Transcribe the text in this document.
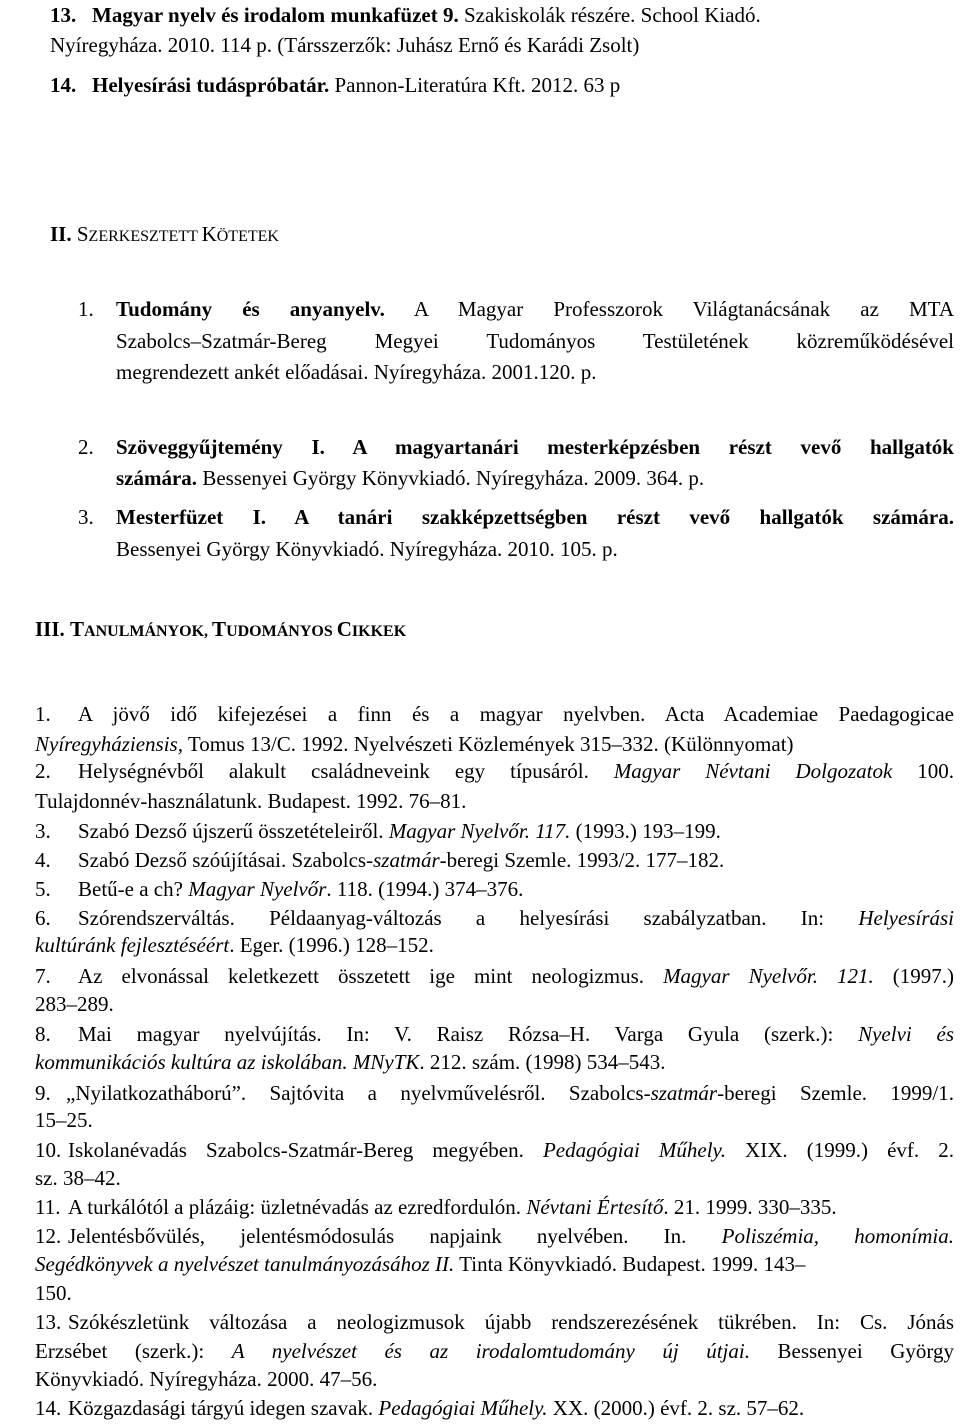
13. Magyar nyelv és irodalom munkafüzet 9. Szakiskolák részére. School Kiadó.
Nyíregyháza. 2010. 114 p. (Társszerzők: Juhász Ernő és Karádi Zsolt)
14. Helyesírási tudáspróbatár. Pannon-Literatúra Kft. 2012. 63 p
II. SZERKESZTETT KÖTETEK
1. Tudomány és anyanyelv. A Magyar Professzorok Világtanácsának az MTA
Szabolcs–Szatmár-Bereg Megyei Tudományos Testületének közreműködésével
megrendezett ankét előadásai. Nyíregyháza. 2001.120. p.
2. Szöveggyűjtemény I. A magyartanári mesterképzésben részt vevő hallgatók
számára. Bessenyei György Könyvkiadó. Nyíregyháza. 2009. 364. p.
3. Mesterfüzet I. A tanári szakképzettségben részt vevő hallgatók számára.
Bessenyei György Könyvkiadó. Nyíregyháza. 2010. 105. p.
III. TANULMÁNYOK, TUDOMÁNYOS CIKKEK
1. A jövő idő kifejezései a finn és a magyar nyelvben. Acta Academiae Paedagogicae
Nyíregyháziensis, Tomus 13/C. 1992. Nyelvészeti Közlemények 315–332. (Különnyomat)
2. Helységnévből alakult családneveink egy típusáról. Magyar Névtani Dolgozatok 100.
Tulajdonnév-használatunk. Budapest. 1992. 76–81.
3. Szabó Dezső újszerű összetételeiről. Magyar Nyelvőr. 117. (1993.) 193–199.
4. Szabó Dezső szóújításai. Szabolcs-szatmár-beregi Szemle. 1993/2. 177–182.
5. Betű-e a ch? Magyar Nyelvőr. 118. (1994.) 374–376.
6. Szórendszerváltás. Példaanyag-változás a helyesírási szabályzatban. In: Helyesírási
kultúránk fejlesztéséért. Eger. (1996.) 128–152.
7. Az elvonással keletkezett összetett ige mint neologizmus. Magyar Nyelvőr. 121. (1997.)
283–289.
8. Mai magyar nyelvújítás. In: V. Raisz Rózsa–H. Varga Gyula (szerk.): Nyelvi és
kommunikációs kultúra az iskolában. MNyTK. 212. szám. (1998) 534–543.
9. „Nyilatkozatháború”. Sajtóvita a nyelvművelésről. Szabolcs-szatmár-beregi Szemle. 1999/1.
15–25.
10. Iskolanévadás Szabolcs-Szatmár-Bereg megyében. Pedagógiai Műhely. XIX. (1999.) évf. 2.
sz. 38–42.
11. A turkálótól a plázáig: üzletnévadás az ezredfordulón. Névtani Értesítő. 21. 1999. 330–335.
12. Jelentésbővülés, jelentésmódosulás napjaink nyelvében. In. Poliszémia, homonímia.
Segédkönyvek a nyelvészet tanulmányozásához II. Tinta Könyvkiadó. Budapest. 1999. 143–
150.
13. Szókészletünk változása a neologizmusok újabb rendszerezésének tükrében. In: Cs. Jónás
Erzsébet (szerk.): A nyelvészet és az irodalomtudomány új útjai. Bessenyei György
Könyvkiadó. Nyíregyháza. 2000. 47–56.
14. Közgazdasági tárgyú idegen szavak. Pedagógiai Műhely. XX. (2000.) évf. 2. sz. 57–62.
